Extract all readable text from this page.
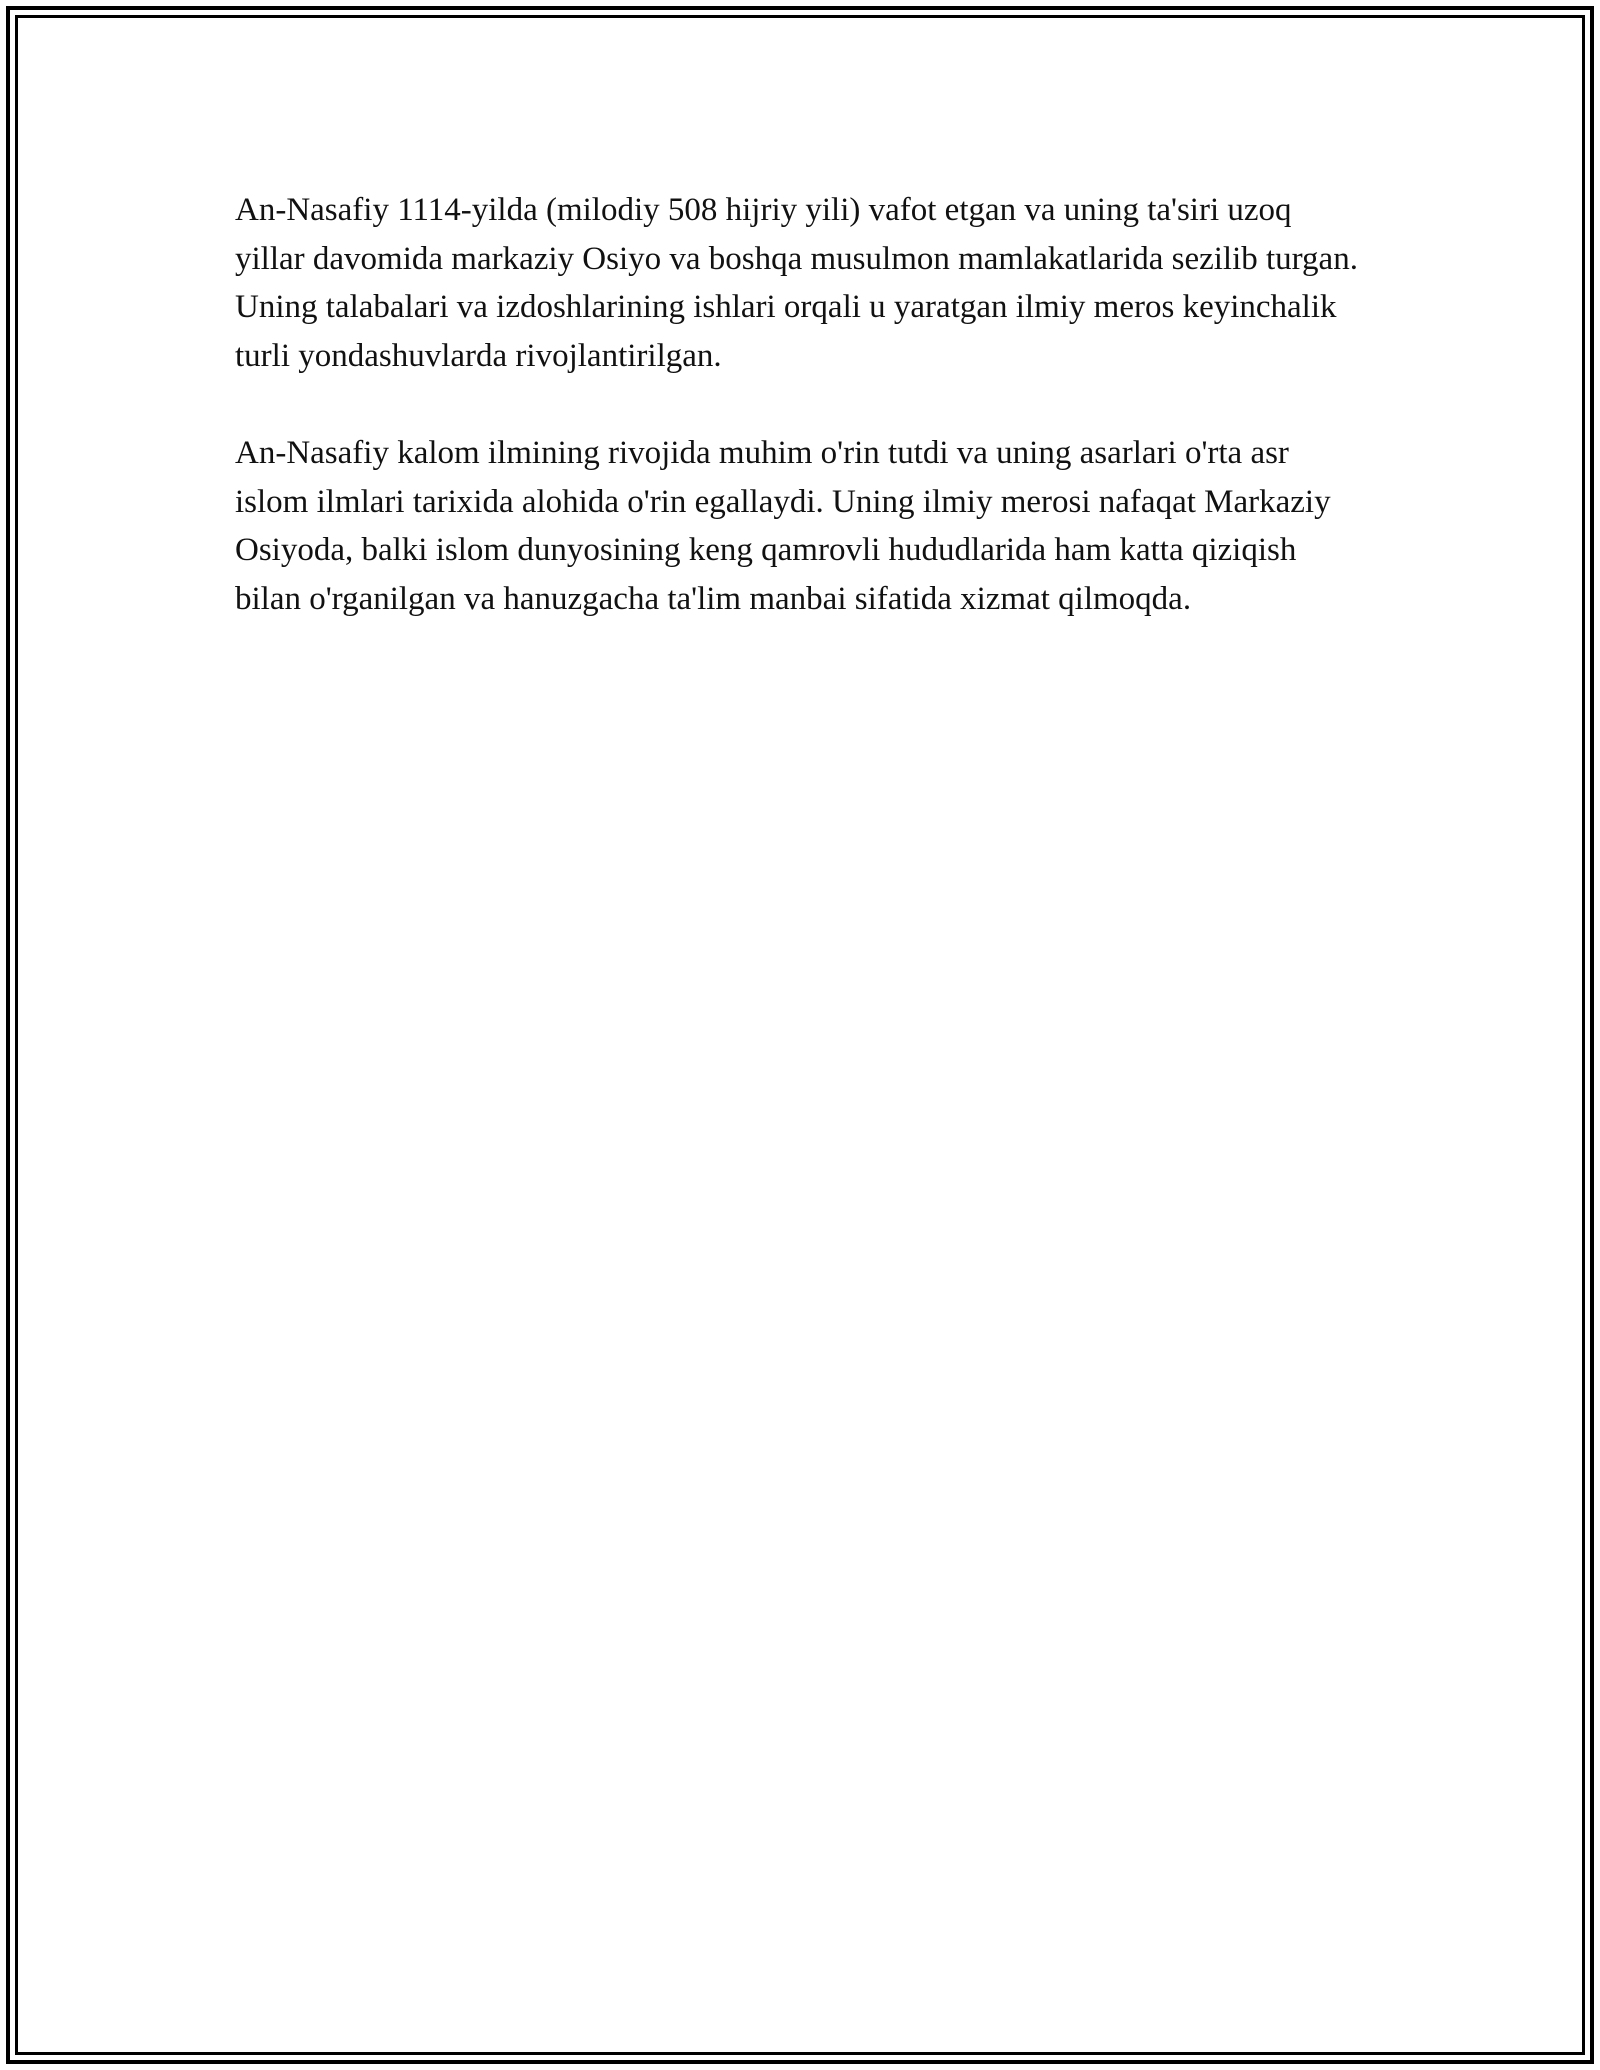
An-Nasafiy 1114-yilda (milodiy 508 hijriy yili) vafot etgan va uning ta'siri uzoq yillar davomida markaziy Osiyo va boshqa musulmon mamlakatlarida sezilib turgan. Uning talabalari va izdoshlarining ishlari orqali u yaratgan ilmiy meros keyinchalik turli yondashuvlarda rivojlantirilgan.

An-Nasafiy kalom ilmining rivojida muhim o'rin tutdi va uning asarlari o'rta asr islom ilmlari tarixida alohida o'rin egallaydi. Uning ilmiy merosi nafaqat Markaziy Osiyoda, balki islom dunyosining keng qamrovli hududlarida ham katta qiziqish bilan o'rganilgan va hanuzgacha ta'lim manbai sifatida xizmat qilmoqda.
